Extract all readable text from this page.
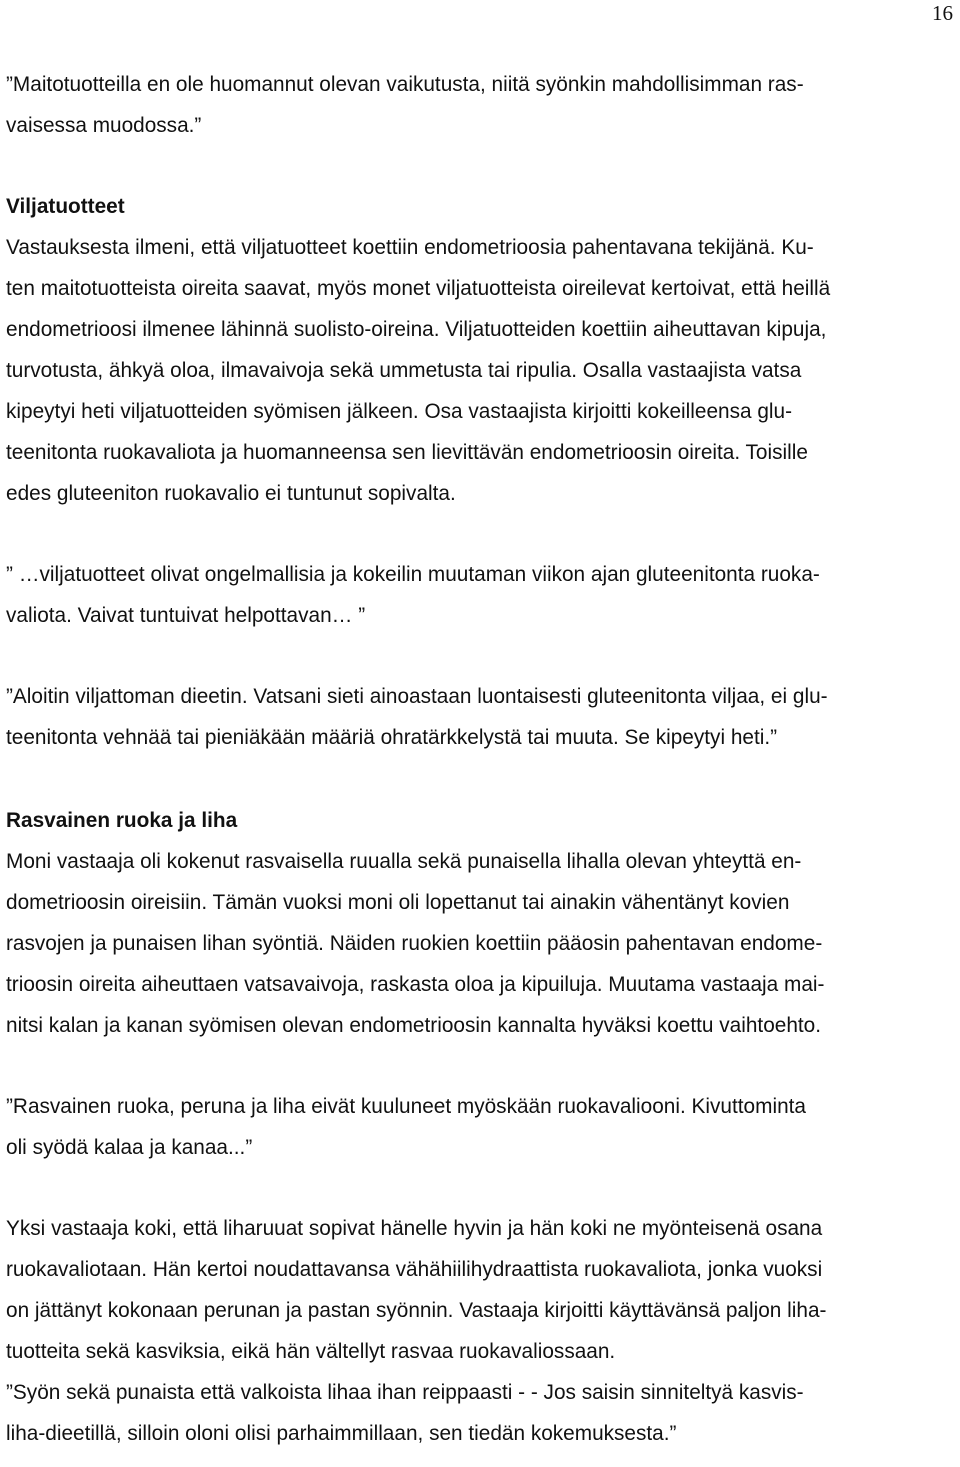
16

”Maitotuotteilla en ole huomannut olevan vaikutusta, niitä syönkin mahdollisimman ras-
vaisessa muodossa.”

Viljatuotteet

Vastauksesta ilmeni, että viljatuotteet koettiin endometrioosia pahentavana tekijänä. Ku-
ten maitotuotteista oireita saavat, myös monet viljatuotteista oireilevat kertoivat, että heillä
endometrioosi ilmenee lähinnä suolisto-oireina. Viljatuotteiden koettiin aiheuttavan kipuja,
turvotusta, ähkyä oloa, ilmavaivoja sekä ummetusta tai ripulia. Osalla vastaajista vatsa
kipeytyi heti viljatuotteiden syömisen jälkeen. Osa vastaajista kirjoitti kokeilleensa glu-
teenitonta ruokavaliota ja huomanneensa sen lievittävän endometrioosin oireita. Toisille
edes gluteeniton ruokavalio ei tuntunut sopivalta.

” …viljatuotteet olivat ongelmallisia ja kokeilin muutaman viikon ajan gluteenitonta ruoka-
valiota. Vaivat tuntuivat helpottavan… ”

”Aloitin viljattoman dieetin. Vatsani sieti ainoastaan luontaisesti gluteenitonta viljaa, ei glu-
teenitonta vehnää tai pieniäkään määriä ohratärkkelystä tai muuta. Se kipeytyi heti.”

Rasvainen ruoka ja liha

Moni vastaaja oli kokenut rasvaisella ruualla sekä punaisella lihalla olevan yhteyttä en-
dometrioosin oireisiin. Tämän vuoksi moni oli lopettanut tai ainakin vähentänyt kovien
rasvojen ja punaisen lihan syöntiä. Näiden ruokien koettiin pääosin pahentavan endome-
trioosin oireita aiheuttaen vatsavaivoja, raskasta oloa ja kipuiluja. Muutama vastaaja mai-
nitsi kalan ja kanan syömisen olevan endometrioosin kannalta hyväksi koettu vaihtoehto.

”Rasvainen ruoka, peruna ja liha eivät kuuluneet myöskään ruokavaliooni. Kivuttominta
oli syödä kalaa ja kanaa...”

Yksi vastaaja koki, että liharuuat sopivat hänelle hyvin ja hän koki ne myönteisenä osana
ruokavaliotaan. Hän kertoi noudattavansa vähähiilihydraattista ruokavaliota, jonka vuoksi
on jättänyt kokonaan perunan ja pastan syönnin. Vastaaja kirjoitti käyttävänsä paljon liha-
tuotteita sekä kasviksia, eikä hän vältellyt rasvaa ruokavaliossaan.
”Syön sekä punaista että valkoista lihaa ihan reippaasti - - Jos saisin sinniteltyä kasvis-
liha-dieetillä, silloin oloni olisi parhaimmillaan, sen tiedän kokemuksesta.”
